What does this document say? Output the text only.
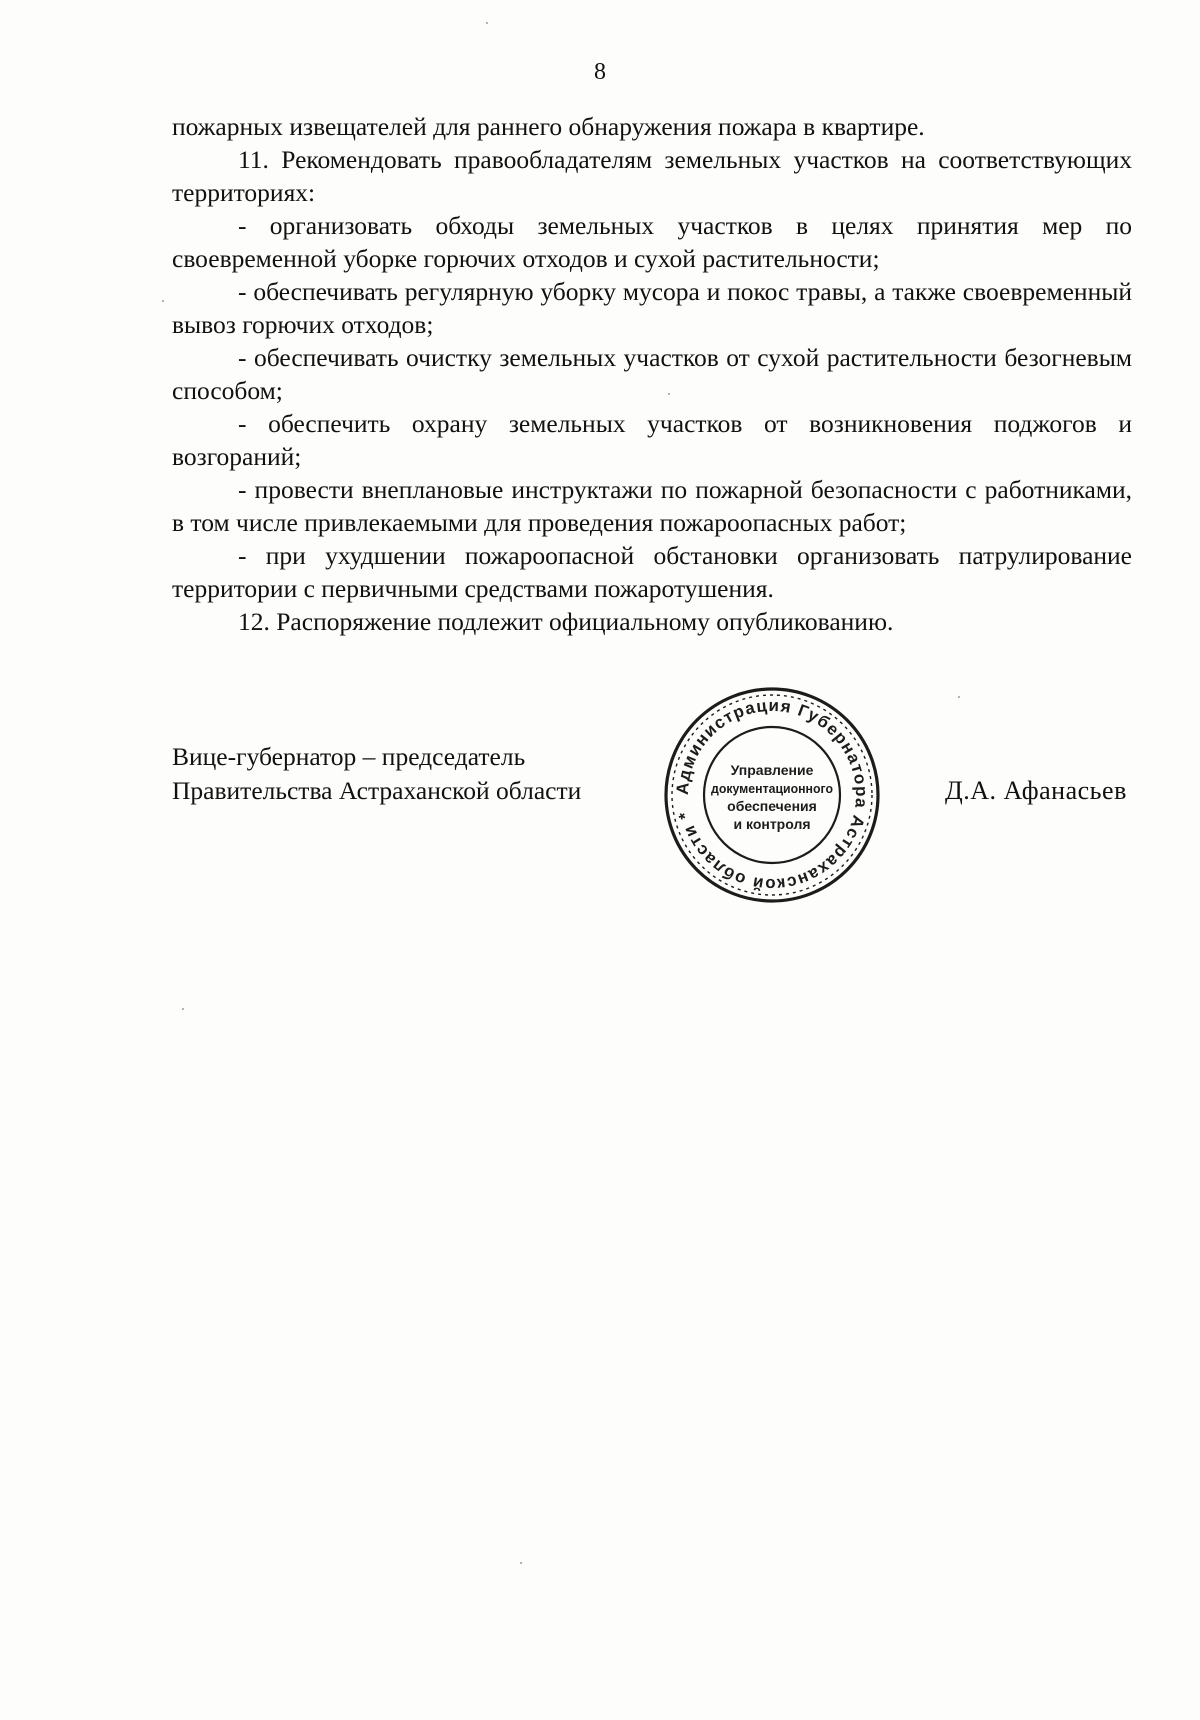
8

пожарных извещателей для раннего обнаружения пожара в квартире.

11. Рекомендовать правообладателям земельных участков на соответствующих территориях:

- организовать обходы земельных участков в целях принятия мер по своевременной уборке горючих отходов и сухой растительности;

- обеспечивать регулярную уборку мусора и покос травы, а также своевременный вывоз горючих отходов;

- обеспечивать очистку земельных участков от сухой растительности безогневым способом;

- обеспечить охрану земельных участков от возникновения поджогов и возгораний;

- провести внеплановые инструктажи по пожарной безопасности с работниками, в том числе привлекаемыми для проведения пожароопасных работ;

- при ухудшении пожароопасной обстановки организовать патрулирование территории с первичными средствами пожаротушения.

12. Распоряжение подлежит официальному опубликованию.

Вице-губернатор – председатель
Правительства Астраханской области	Администрация Губернатора Астраханской области *
Управление
документационного
обеспечения
и контроля
Д.А. Афанасьев
